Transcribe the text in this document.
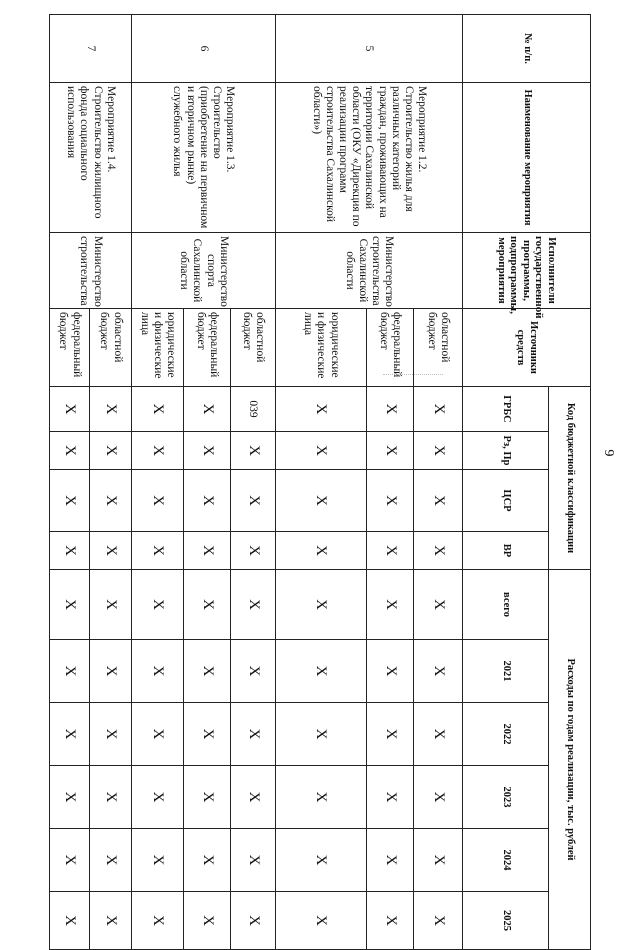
6
№ п/п.	Наименование мероприятия	Исполнители государственной программы, подпрограммы, мероприятия	Источники средств	Код бюджетной классификации				Расходы по годам реализации, тыс. рублей					
				ГРБС	Рз, Пр	ЦСР	ВР	всего	2021	2022	2023	2024	2025
5	Мероприятие 1.2. Строительство жилья для различных категорий граждан, проживающих на территории Сахалинской области (ОКУ «Дирекция по реализации программ строительства Сахалинской области»)	Министерство строительства Сахалинской области	областной бюджет	X	X	X	X	X	X	X	X	X	X
			федеральный бюджет	X	X	X	X	X	X	X	X	X	X
			юридические и физические лица	X	X	X	X	X	X	X	X	X	X
6	Мероприятие 1.3. Строительство (приобретение на первичном и вторичном рынке) служебного жилья	Министерство спорта Сахалинской области	областной бюджет	039	X	X	X	X	X	X	X	X	X
			федеральный бюджет	X	X	X	X	X	X	X	X	X	X
			юридические и физические лица	X	X	X	X	X	X	X	X	X	X
7	Мероприятие 1.4. Строительство жилищного фонда социального использования	Министерство строительства	областной бюджет	X	X	X	X	X	X	X	X	X	X
			федеральный бюджет	X	X	X	X	X	X	X	X	X	X
